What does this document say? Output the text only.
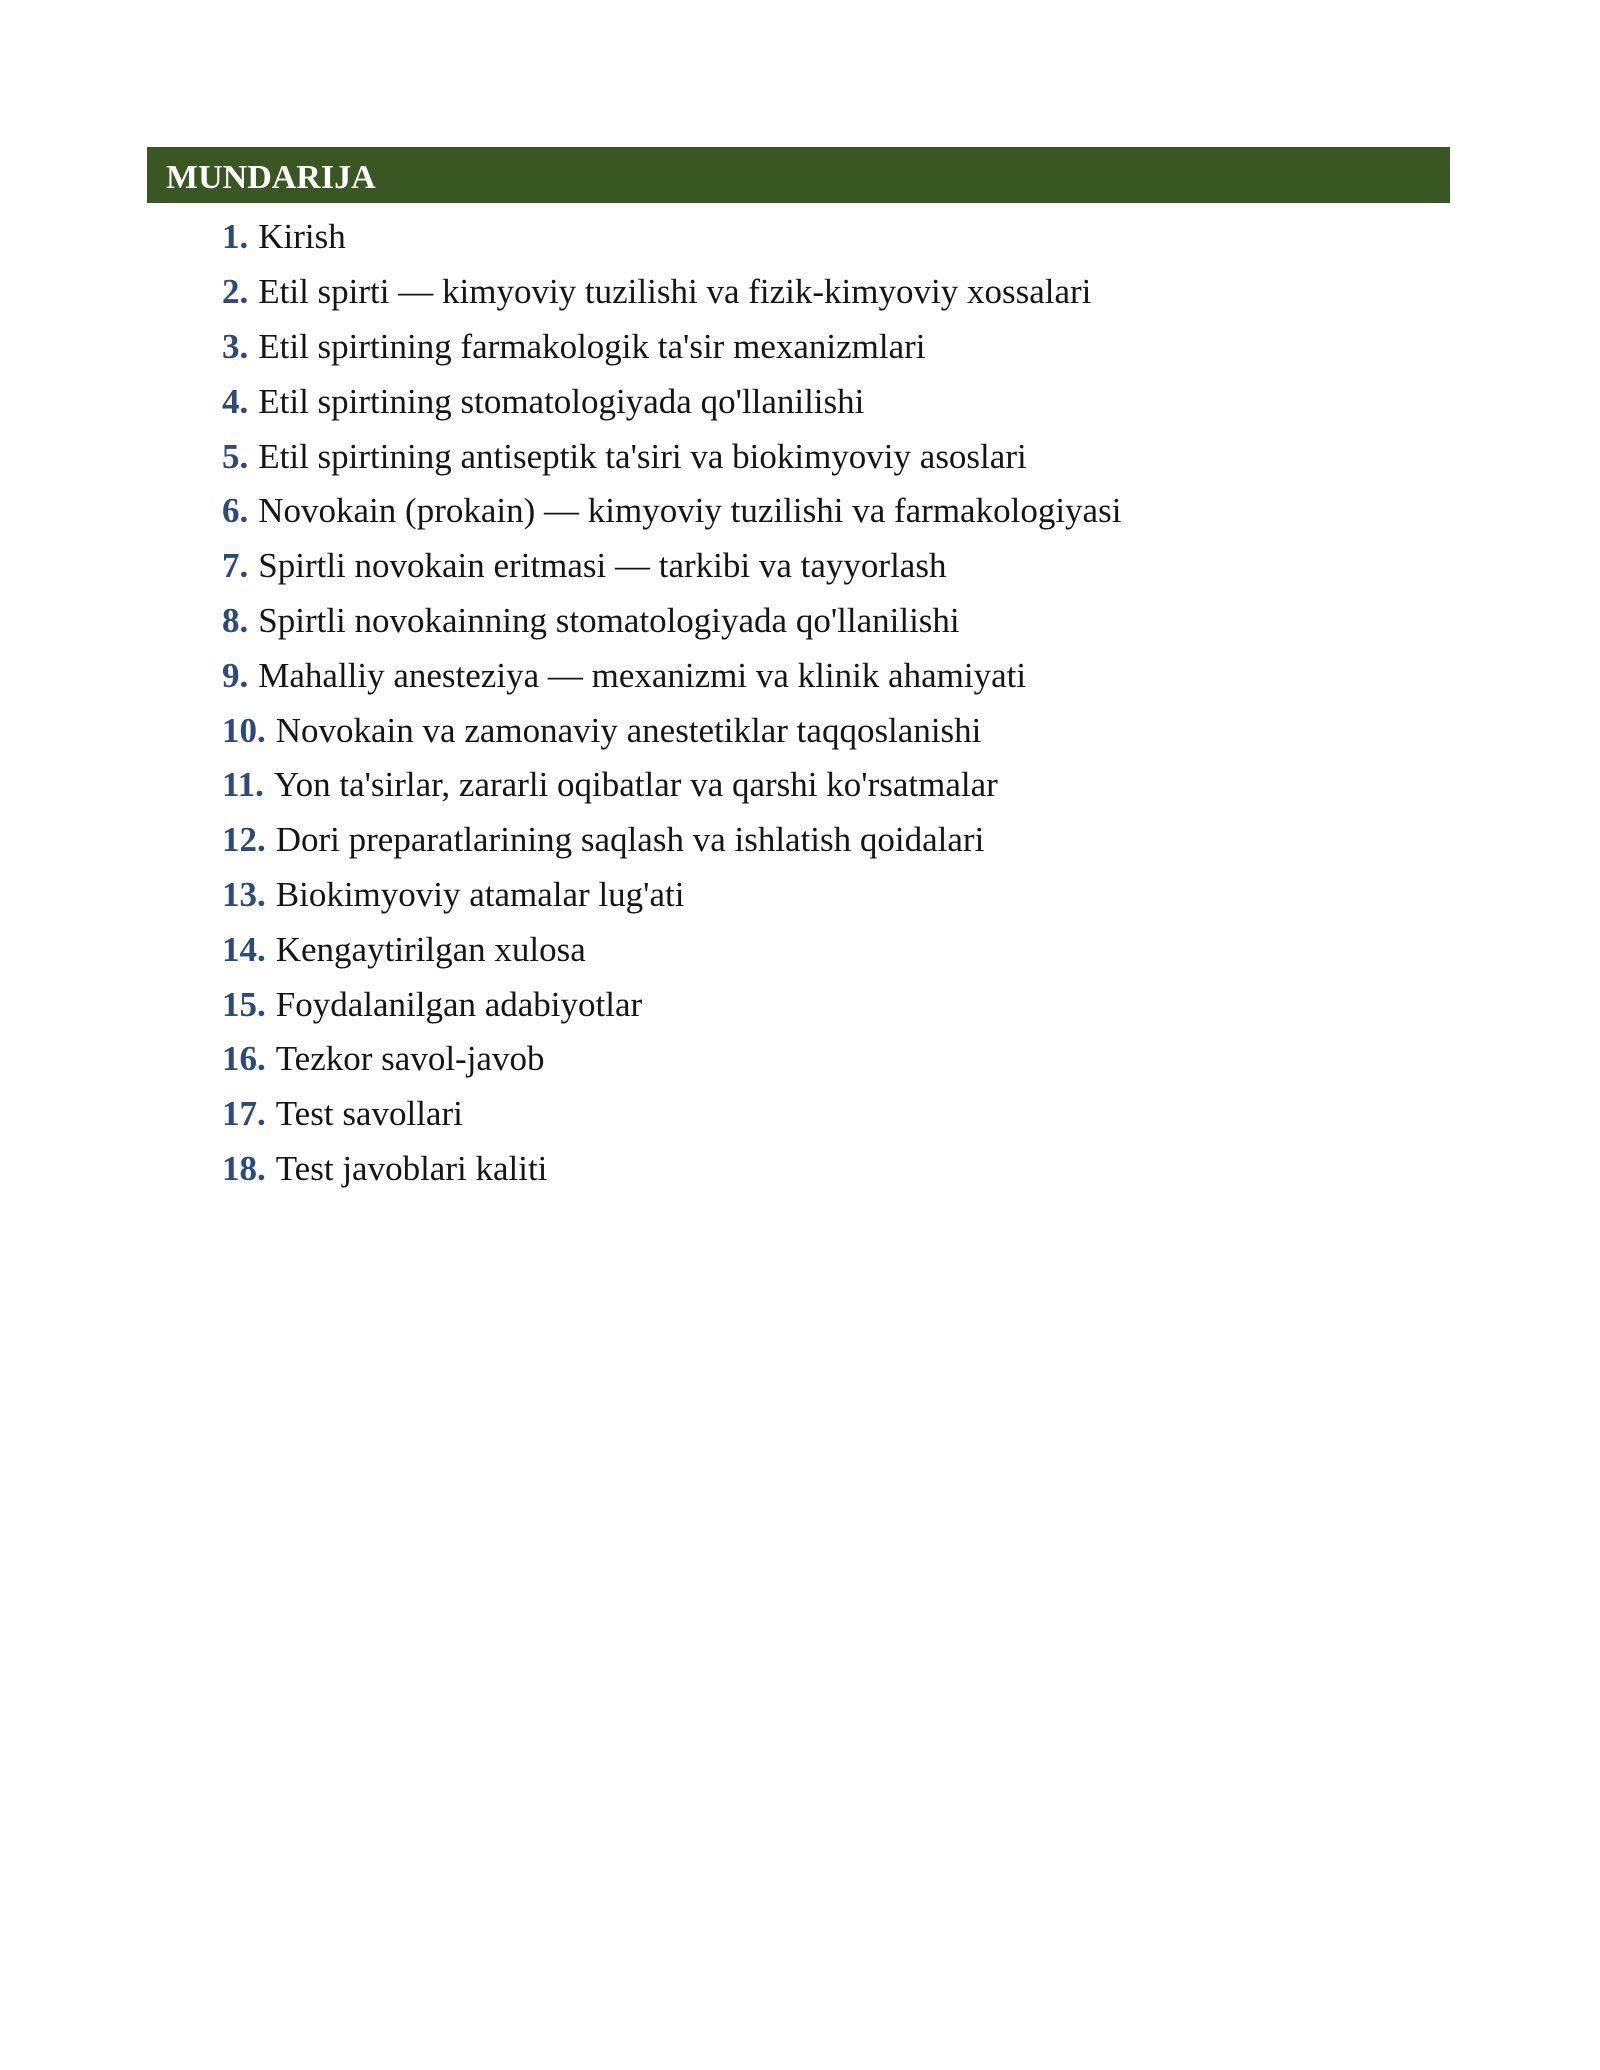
MUNDARIJA
1. Kirish
2. Etil spirti — kimyoviy tuzilishi va fizik-kimyoviy xossalari
3. Etil spirtining farmakologik ta'sir mexanizmlari
4. Etil spirtining stomatologiyada qo'llanilishi
5. Etil spirtining antiseptik ta'siri va biokimyoviy asoslari
6. Novokain (prokain) — kimyoviy tuzilishi va farmakologiyasi
7. Spirtli novokain eritmasi — tarkibi va tayyorlash
8. Spirtli novokainning stomatologiyada qo'llanilishi
9. Mahalliy anesteziya — mexanizmi va klinik ahamiyati
10. Novokain va zamonaviy anestetiklar taqqoslanishi
11. Yon ta'sirlar, zararli oqibatlar va qarshi ko'rsatmalar
12. Dori preparatlarining saqlash va ishlatish qoidalari
13. Biokimyoviy atamalar lug'ati
14. Kengaytirilgan xulosa
15. Foydalanilgan adabiyotlar
16. Tezkor savol-javob
17. Test savollari
18. Test javoblari kaliti
